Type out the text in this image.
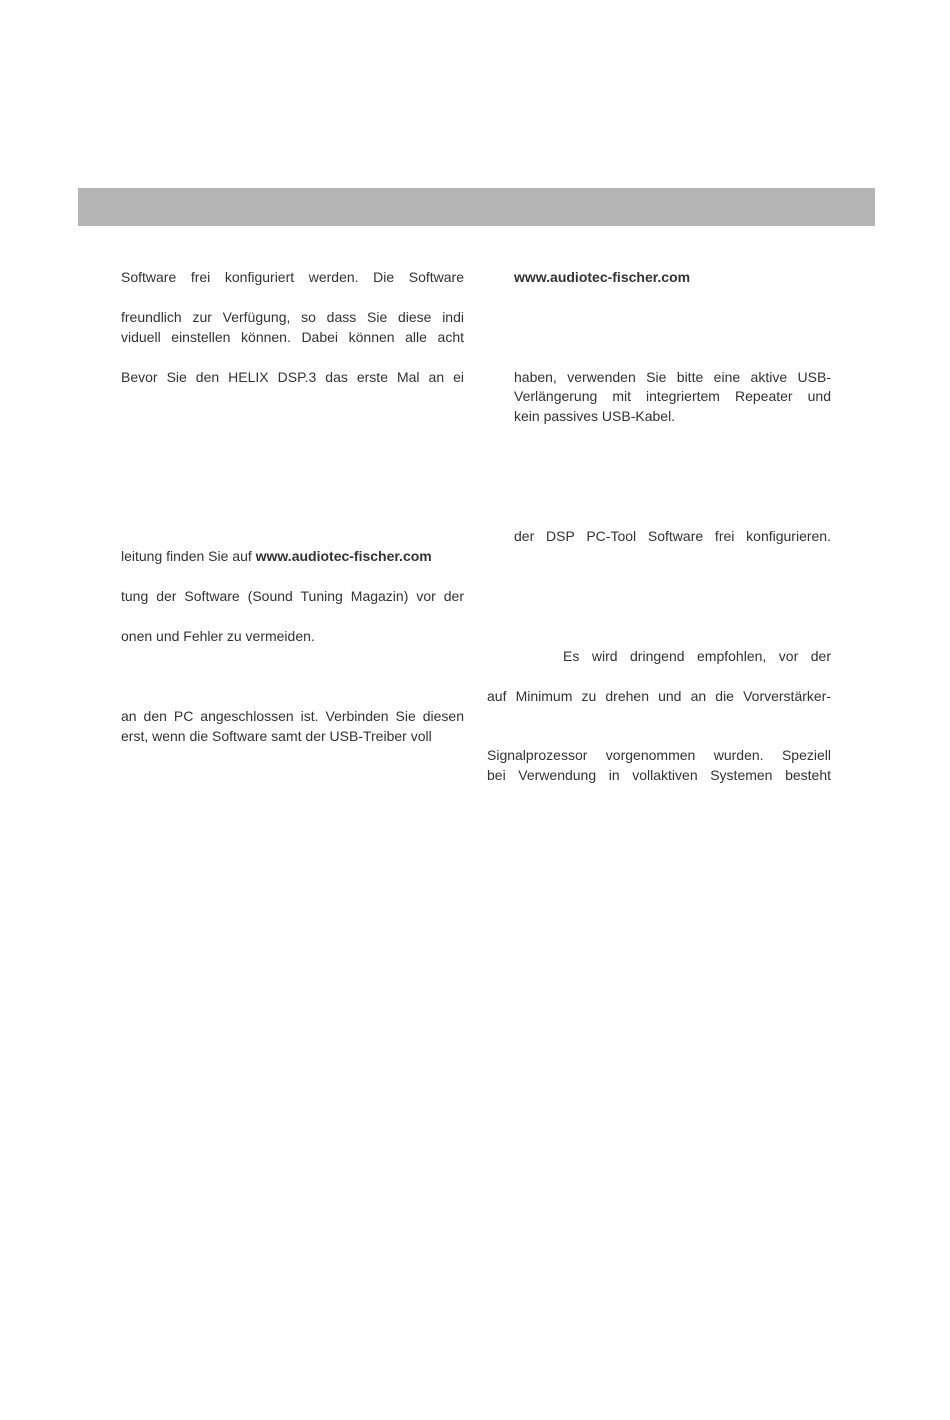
Software frei konfiguriert werden. Die Software
freundlich zur Verfügung, so dass Sie diese indi
viduell einstellen können. Dabei können alle acht
Bevor Sie den HELIX DSP.3 das erste Mal an ei
leitung finden Sie auf www.audiotec-fischer.com
tung der Software (Sound Tuning Magazin) vor der
onen und Fehler zu vermeiden.
an den PC angeschlossen ist. Verbinden Sie diesen
erst, wenn die Software samt der USB-Treiber voll
www.audiotec-fischer.com
haben, verwenden Sie bitte eine aktive USB-
Verlängerung mit integriertem Repeater und
kein passives USB-Kabel.
der DSP PC-Tool Software frei konfigurieren.
Es wird dringend empfohlen, vor der
auf Minimum zu drehen und an die Vorverstärker-
Signalprozessor vorgenommen wurden. Speziell
bei Verwendung in vollaktiven Systemen besteht
